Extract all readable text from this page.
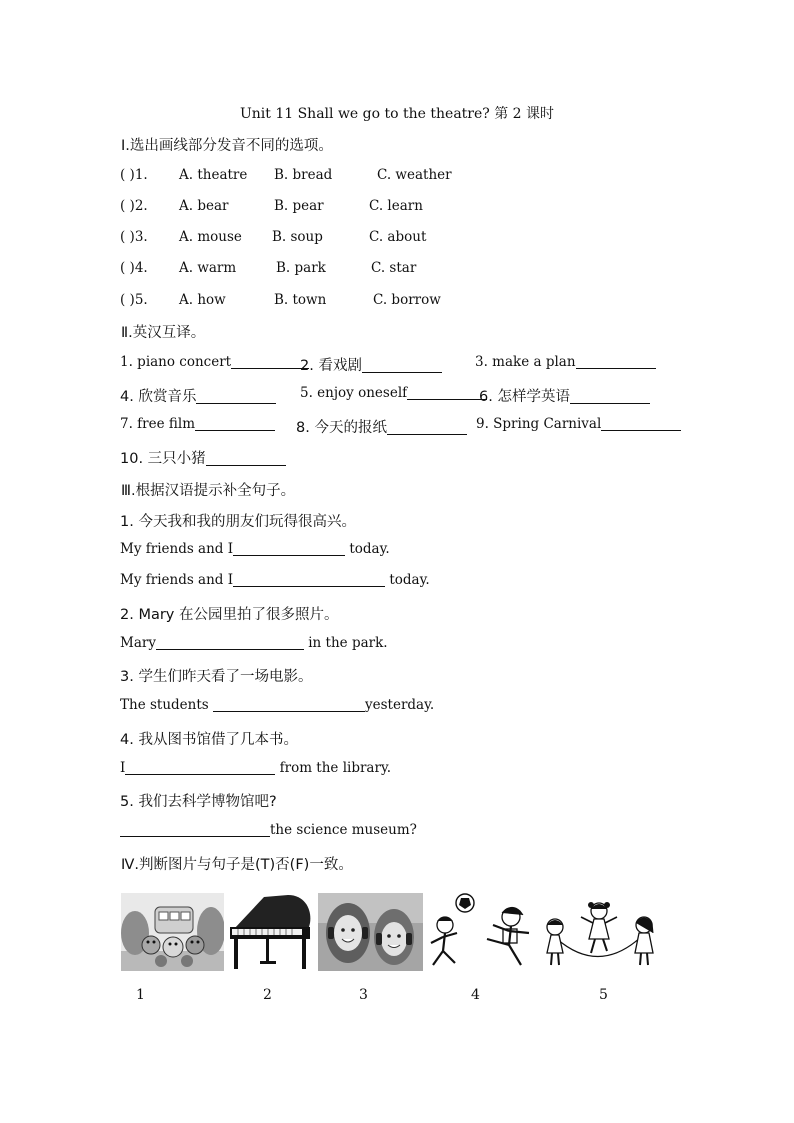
Unit 11 Shall we go to the theatre? 第 2 课时
Ⅰ.选出画线部分发音不同的选项。
( )1. A. theatre B. bread	C. weather
( )2. A. bear	B. pear	C. learn
( )3. A. mouse B. soup	C. about
( )4. A. warm	B. park	C. star
( )5. A. how	B. town	C. borrow
Ⅱ.英汉互译。
1. piano concert	2. 看戏剧	3. make a plan
4. 欣赏音乐	5. enjoy oneself	6. 怎样学英语
7. free film	8. 今天的报纸	9. Spring Carnival
10. 三只小猪
Ⅲ.根据汉语提示补全句子。
1. 今天我和我的朋友们玩得很高兴。
My friends and I	today.
My friends and I	today.
2. Mary 在公园里拍了很多照片。
Mary	in the park.
3. 学生们昨天看了一场电影。
The students	yesterday.
4. 我从图书馆借了几本书。
I	from the library.
5. 我们去科学博物馆吧?
the science museum?
Ⅳ.判断图片与句子是(T)否(F)一致。
1	2	3	4	5
